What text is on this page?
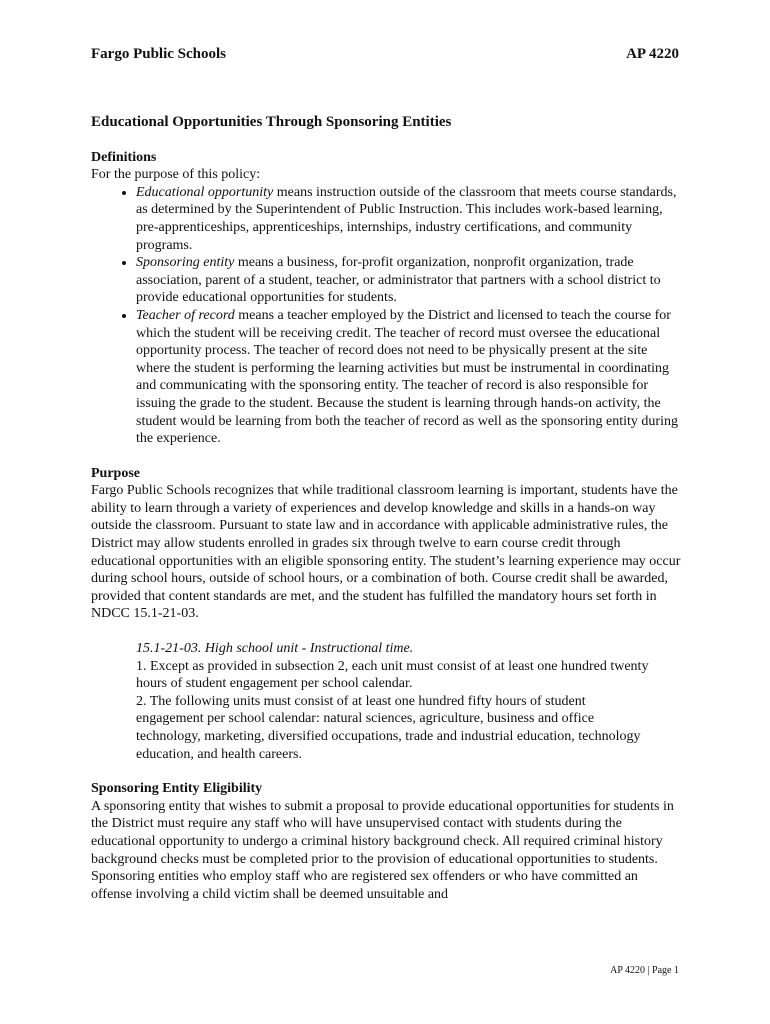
Fargo Public Schools	AP 4220
Educational Opportunities Through Sponsoring Entities
Definitions

For the purpose of this policy:

• Educational opportunity means instruction outside of the classroom that meets course standards, as determined by the Superintendent of Public Instruction. This includes work-based learning, pre-apprenticeships, apprenticeships, internships, industry certifications, and community programs.
• Sponsoring entity means a business, for-profit organization, nonprofit organization, trade association, parent of a student, teacher, or administrator that partners with a school district to provide educational opportunities for students.
• Teacher of record means a teacher employed by the District and licensed to teach the course for which the student will be receiving credit. The teacher of record must oversee the educational opportunity process. The teacher of record does not need to be physically present at the site where the student is performing the learning activities but must be instrumental in coordinating and communicating with the sponsoring entity. The teacher of record is also responsible for issuing the grade to the student. Because the student is learning through hands-on activity, the student would be learning from both the teacher of record as well as the sponsoring entity during the experience.
Purpose

Fargo Public Schools recognizes that while traditional classroom learning is important, students have the ability to learn through a variety of experiences and develop knowledge and skills in a hands-on way outside the classroom. Pursuant to state law and in accordance with applicable administrative rules, the District may allow students enrolled in grades six through twelve to earn course credit through educational opportunities with an eligible sponsoring entity. The student’s learning experience may occur during school hours, outside of school hours, or a combination of both. Course credit shall be awarded, provided that content standards are met, and the student has fulfilled the mandatory hours set forth in NDCC 15.1-21-03.

15.1-21-03. High school unit - Instructional time.
1. Except as provided in subsection 2, each unit must consist of at least one hundred twenty hours of student engagement per school calendar.
2. The following units must consist of at least one hundred fifty hours of student engagement per school calendar: natural sciences, agriculture, business and office technology, marketing, diversified occupations, trade and industrial education, technology education, and health careers.
Sponsoring Entity Eligibility

A sponsoring entity that wishes to submit a proposal to provide educational opportunities for students in the District must require any staff who will have unsupervised contact with students during the educational opportunity to undergo a criminal history background check. All required criminal history background checks must be completed prior to the provision of educational opportunities to students. Sponsoring entities who employ staff who are registered sex offenders or who have committed an offense involving a child victim shall be deemed unsuitable and

AP 4220 | Page 1
